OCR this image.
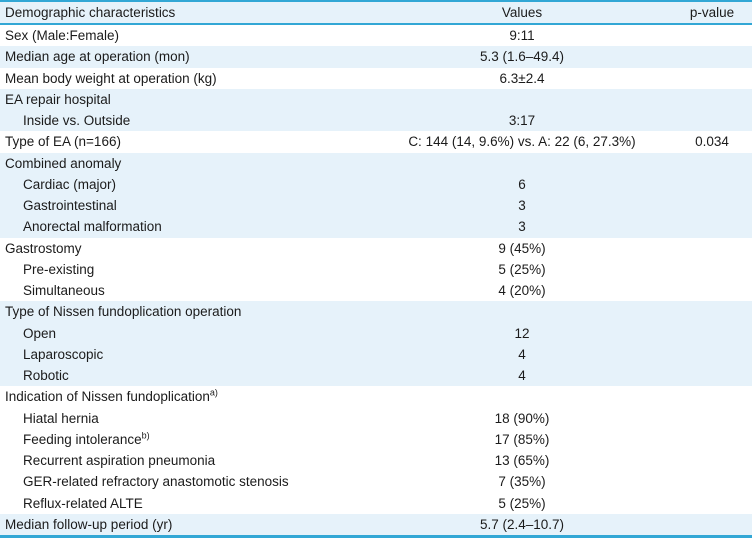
Demographic characteristics	Values	p-value
Sex (Male:Female)	9:11	
Median age at operation (mon)	5.3 (1.6–49.4)	
Mean body weight at operation (kg)	6.3±2.4	
EA repair hospital		
Inside vs. Outside	3:17	
Type of EA (n=166)	C: 144 (14, 9.6%) vs. A: 22 (6, 27.3%)	0.034
Combined anomaly		
Cardiac (major)	6	
Gastrointestinal	3	
Anorectal malformation	3	
Gastrostomy	9 (45%)	
Pre-existing	5 (25%)	
Simultaneous	4 (20%)	
Type of Nissen fundoplication operation		
Open	12	
Laparoscopic	4	
Robotic	4	
Indication of Nissen fundoplication$^{a)}$		
Hiatal hernia	18 (90%)	
Feeding intolerance$^{b)}$	17 (85%)	
Recurrent aspiration pneumonia	13 (65%)	
GER-related refractory anastomotic stenosis	7 (35%)	
Reflux-related ALTE	5 (25%)	
Median follow-up period (yr)	5.7 (2.4–10.7)	
